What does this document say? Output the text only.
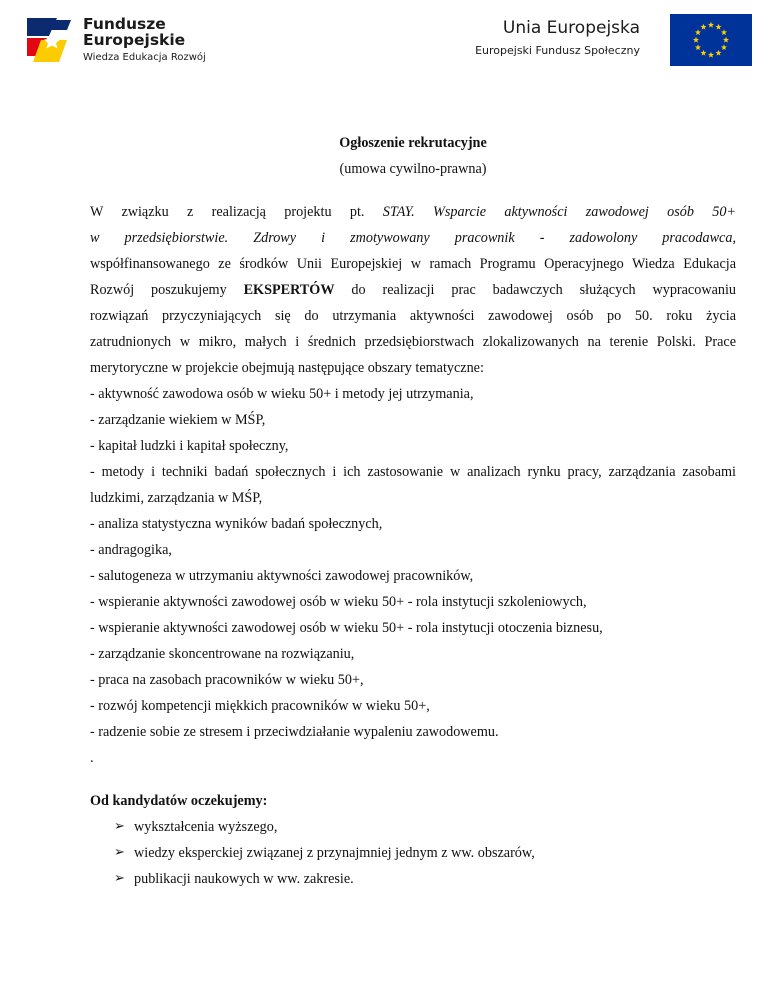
Fundusze
Europejskie
Wiedza Edukacja Rozwój
Unia Europejska
Europejski Fundusz Społeczny
Ogłoszenie rekrutacyjne
(umowa cywilno-prawna)
W związku z realizacją projektu pt. STAY. Wsparcie aktywności zawodowej osób 50+
w przedsiębiorstwie. Zdrowy i zmotywowany pracownik - zadowolony pracodawca,
współfinansowanego ze środków Unii Europejskiej w ramach Programu Operacyjnego Wiedza Edukacja
Rozwój poszukujemy EKSPERTÓW do realizacji prac badawczych służących wypracowaniu
rozwiązań przyczyniających się do utrzymania aktywności zawodowej osób po 50. roku życia
zatrudnionych w mikro, małych i średnich przedsiębiorstwach zlokalizowanych na terenie Polski. Prace
merytoryczne w projekcie obejmują następujące obszary tematyczne:
- aktywność zawodowa osób w wieku 50+ i metody jej utrzymania,
- zarządzanie wiekiem w MŚP,
- kapitał ludzki i kapitał społeczny,
- metody i techniki badań społecznych i ich zastosowanie w analizach rynku pracy, zarządzania zasobami
ludzkimi, zarządzania w MŚP,
- analiza statystyczna wyników badań społecznych,
- andragogika,
- salutogeneza w utrzymaniu aktywności zawodowej pracowników,
- wspieranie aktywności zawodowej osób w wieku 50+ - rola instytucji szkoleniowych,
- wspieranie aktywności zawodowej osób w wieku 50+ - rola instytucji otoczenia biznesu,
- zarządzanie skoncentrowane na rozwiązaniu,
- praca na zasobach pracowników w wieku 50+,
- rozwój kompetencji miękkich pracowników w wieku 50+,
- radzenie sobie ze stresem i przeciwdziałanie wypaleniu zawodowemu.
.
Od kandydatów oczekujemy:
➢ wykształcenia wyższego,
➢ wiedzy eksperckiej związanej z przynajmniej jednym z ww. obszarów,
➢ publikacji naukowych w ww. zakresie.
